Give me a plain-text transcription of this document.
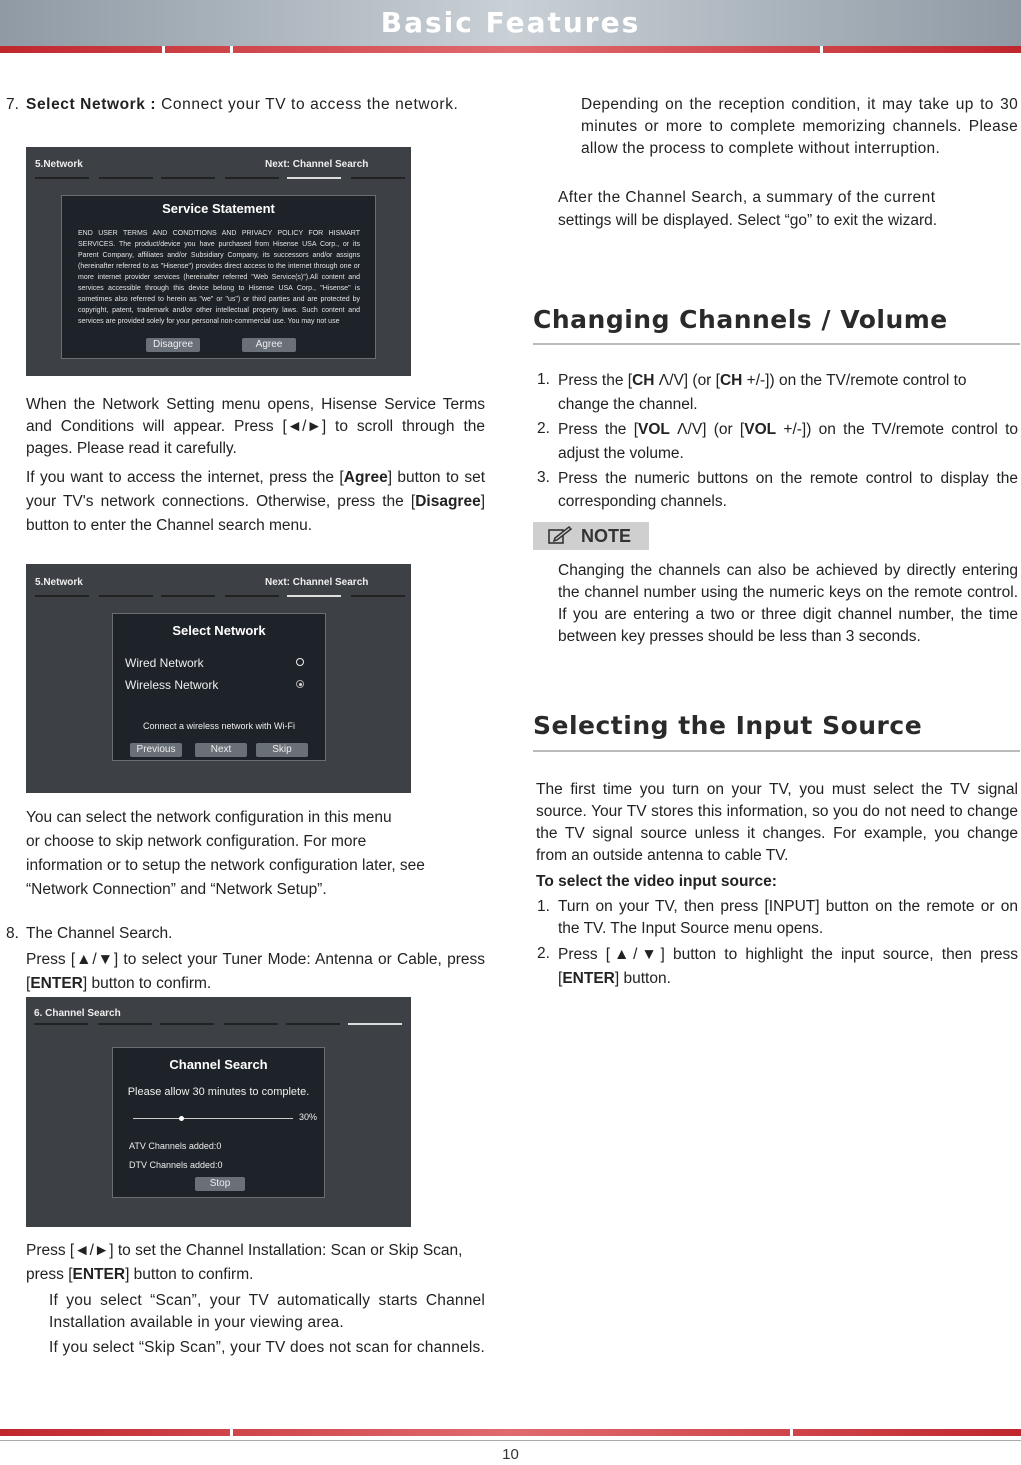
Basic Features
7. Select Network : Connect your TV to access the network.
5.Network	Next: Channel Search
Service Statement
END USER TERMS AND CONDITIONS AND PRIVACY POLICY FOR HISMART SERVICES. The product/device you have purchased from Hisense USA Corp., or its Parent Company, affiliates and/or Subsidiary Company, its successors and/or assigns (hereinafter referred to as "Hisense") provides direct access to the internet through one or more internet provider services (hereinafter referred "Web Service(s)").All content and services accessible through this device belong to Hisense USA Corp., "Hisense" is sometimes also referred to herein as "we" or "us") or third parties and are protected by copyright, patent, trademark and/or other intellectual property laws. Such content and services are provided solely for your personal non-commercial use. You may not use
Disagree	Agree
When the Network Setting menu opens, Hisense Service Terms and Conditions will appear. Press [◄/►] to scroll through the pages. Please read it carefully.
If you want to access the internet, press the [Agree] button to set your TV's network connections. Otherwise, press the [Disagree] button to enter the Channel search menu.
5.Network	Next: Channel Search
Select Network
Wired Network
Wireless Network
Connect a wireless network with Wi-Fi
Previous	Next	Skip
You can select the network configuration in this menu
or choose to skip network configuration. For more
information or to setup the network configuration later, see
“Network Connection” and “Network Setup”.
8. The Channel Search.
Press [▲/▼] to select your Tuner Mode: Antenna or Cable, press [ENTER] button to confirm.
6. Channel Search
Channel Search
Please allow 30 minutes to complete.
30%
ATV Channels added:0
DTV Channels added:0
Stop
Press [◄/►] to set the Channel Installation: Scan or Skip Scan, press [ENTER] button to confirm.
If you select “Scan”, your TV automatically starts Channel Installation available in your viewing area.
If you select “Skip Scan”, your TV does not scan for channels.
Depending on the reception condition, it may take up to 30 minutes or more to complete memorizing channels. Please allow the process to complete without interruption.
After the Channel Search, a summary of the current
settings will be displayed. Select “go” to exit the wizard.
Changing Channels / Volume
1. Press the [CH Λ/V] (or [CH +/-]) on the TV/remote control to change the channel.
2. Press the [VOL Λ/V] (or [VOL +/-]) on the TV/remote control to adjust the volume.
3. Press the numeric buttons on the remote control to display the corresponding channels.
NOTE
Changing the channels can also be achieved by directly entering the channel number using the numeric keys on the remote control. If you are entering a two or three digit channel number, the time between key presses should be less than 3 seconds.
Selecting the Input Source
The first time you turn on your TV, you must select the TV signal source. Your TV stores this information, so you do not need to change the TV signal source unless it changes. For example, you change from an outside antenna to cable TV.
To select the video input source:
1. Turn on your TV, then press [INPUT] button on the remote or on the TV. The Input Source menu opens.
2. Press [▲/▼] button to highlight the input source, then press [ENTER] button.
10
